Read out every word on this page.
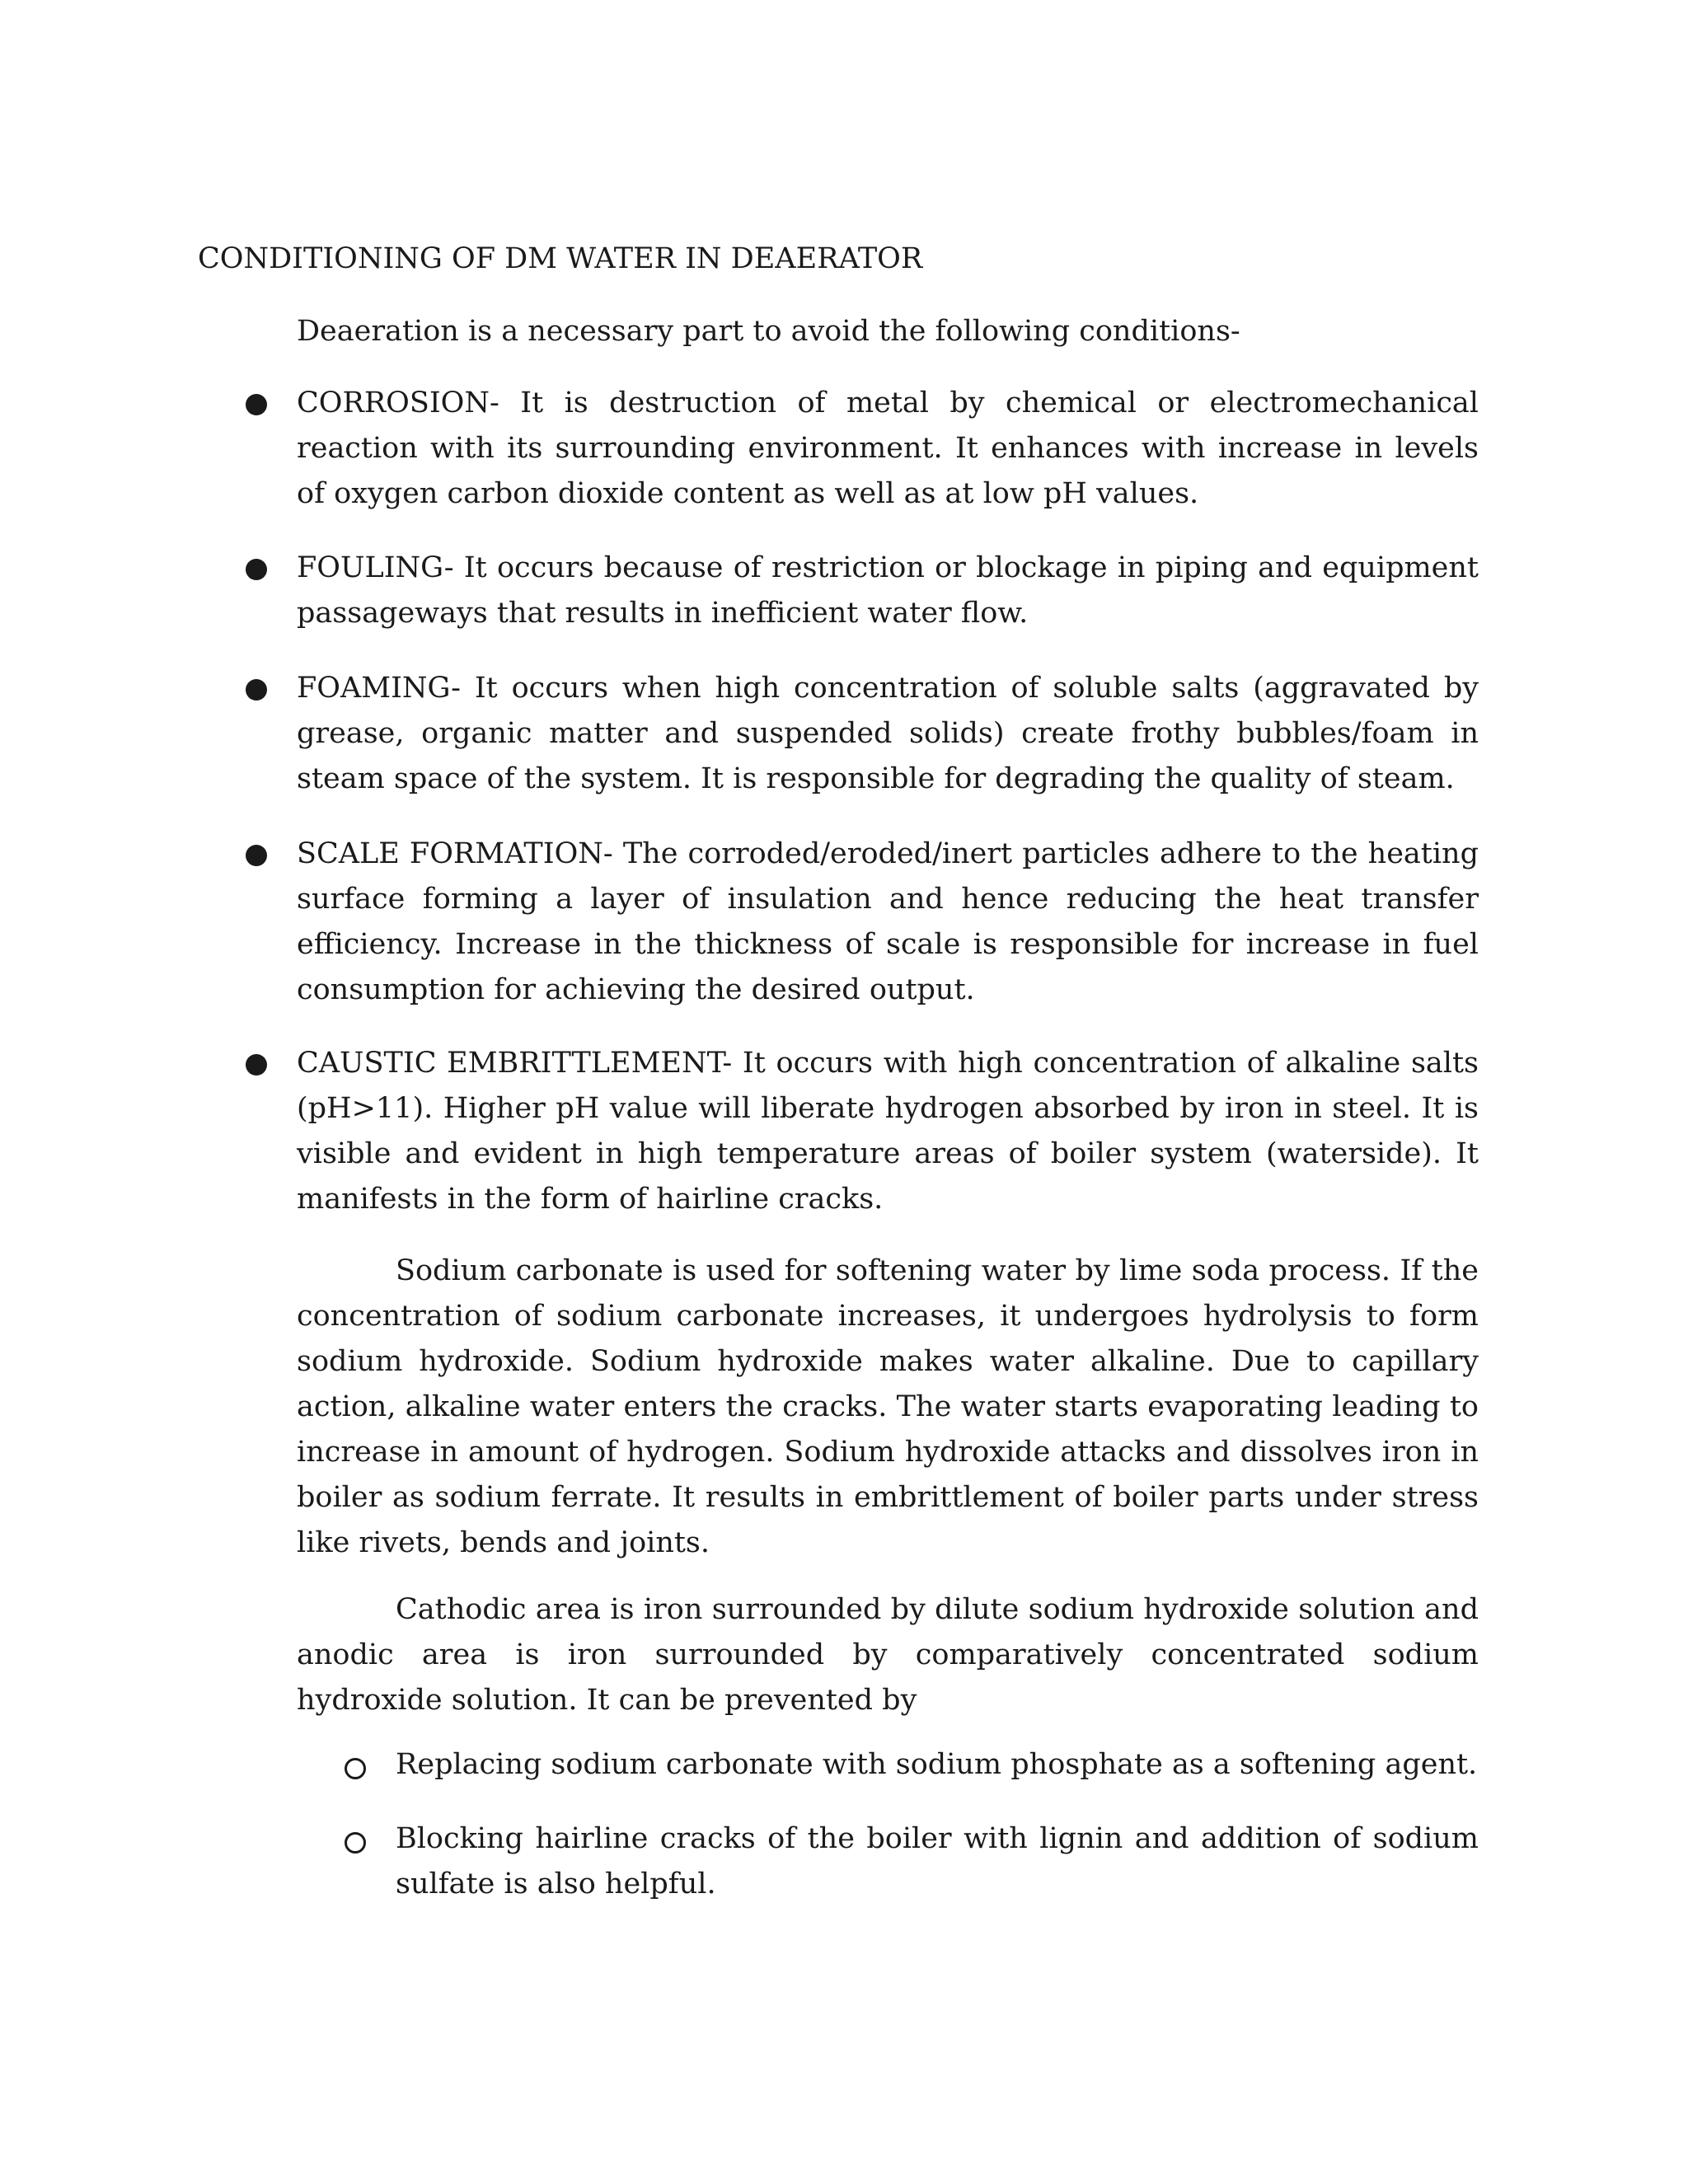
CONDITIONING OF DM WATER IN DEAERATOR

Deaeration is a necessary part to avoid the following conditions-

CORROSION- It is destruction of metal by chemical or electromechanical reaction with its surrounding environment. It enhances with increase in levels of oxygen carbon dioxide content as well as at low pH values.

FOULING- It occurs because of restriction or blockage in piping and equipment passageways that results in inefficient water flow.

FOAMING- It occurs when high concentration of soluble salts (aggravated by grease, organic matter and suspended solids) create frothy bubbles/foam in steam space of the system. It is responsible for degrading the quality of steam.

SCALE FORMATION- The corroded/eroded/inert particles adhere to the heating surface forming a layer of insulation and hence reducing the heat transfer efficiency. Increase in the thickness of scale is responsible for increase in fuel consumption for achieving the desired output.

CAUSTIC EMBRITTLEMENT- It occurs with high concentration of alkaline salts (pH>11). Higher pH value will liberate hydrogen absorbed by iron in steel. It is visible and evident in high temperature areas of boiler system (waterside). It manifests in the form of hairline cracks.

Sodium carbonate is used for softening water by lime soda process. If the concentration of sodium carbonate increases, it undergoes hydrolysis to form sodium hydroxide. Sodium hydroxide makes water alkaline. Due to capillary action, alkaline water enters the cracks. The water starts evaporating leading to increase in amount of hydrogen. Sodium hydroxide attacks and dissolves iron in boiler as sodium ferrate. It results in embrittlement of boiler parts under stress like rivets, bends and joints.

Cathodic area is iron surrounded by dilute sodium hydroxide solution and anodic area is iron surrounded by comparatively concentrated sodium hydroxide solution. It can be prevented by

Replacing sodium carbonate with sodium phosphate as a softening agent.

Blocking hairline cracks of the boiler with lignin and addition of sodium sulfate is also helpful.
